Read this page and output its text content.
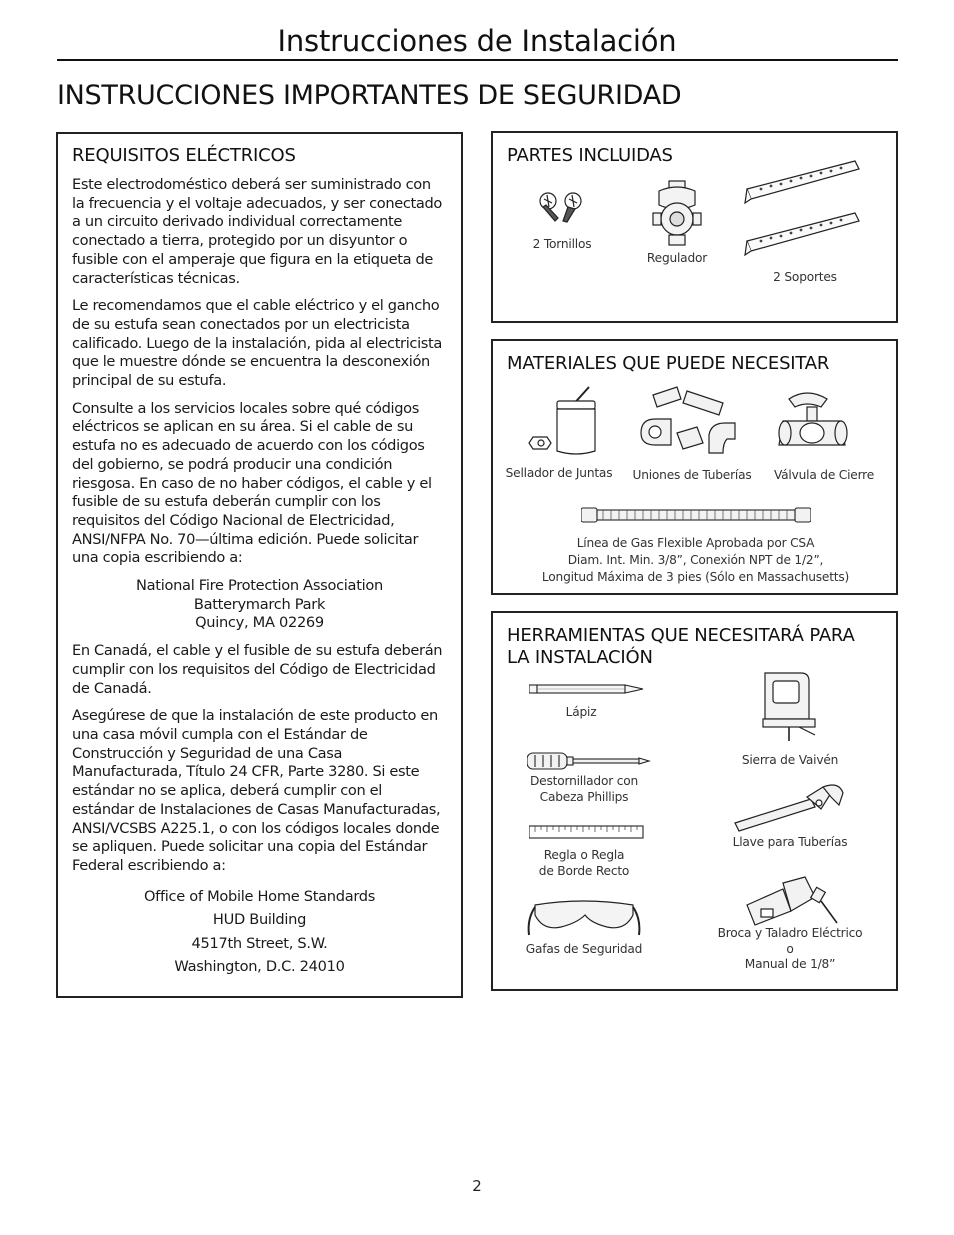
Instrucciones de Instalación
INSTRUCCIONES IMPORTANTES DE SEGURIDAD
REQUISITOS ELÉCTRICOS

Este electrodoméstico deberá ser suministrado con la frecuencia y el voltaje adecuados, y ser conectado a un circuito derivado individual correctamente conectado a tierra, protegido por un disyuntor o fusible con el amperaje que figura en la etiqueta de características técnicas.

Le recomendamos que el cable eléctrico y el gancho de su estufa sean conectados por un electricista calificado. Luego de la instalación, pida al electricista que le muestre dónde se encuentra la desconexión principal de su estufa.

Consulte a los servicios locales sobre qué códigos eléctricos se aplican en su área. Si el cable de su estufa no es adecuado de acuerdo con los códigos del gobierno, se podrá producir una condición riesgosa. En caso de no haber códigos, el cable y el fusible de su estufa deberán cumplir con los requisitos del Código Nacional de Electricidad, ANSI/NFPA No. 70—última edición. Puede solicitar una copia escribiendo a:

National Fire Protection Association
Batterymarch Park
Quincy, MA 02269

En Canadá, el cable y el fusible de su estufa deberán cumplir con los requisitos del Código de Electricidad de Canadá.

Asegúrese de que la instalación de este producto en una casa móvil cumpla con el Estándar de Construcción y Seguridad de una Casa Manufacturada, Título 24 CFR, Parte 3280. Si este estándar no se aplica, deberá cumplir con el estándar de Instalaciones de Casas Manufacturadas, ANSI/VCSBS A225.1, o con los códigos locales donde se apliquen. Puede solicitar una copia del Estándar Federal escribiendo a:

Office of Mobile Home Standards
HUD Building
4517th Street, S.W.
Washington, D.C. 24010
PARTES INCLUIDAS
2 Tornillos
Regulador
2 Soportes
MATERIALES QUE PUEDE NECESITAR
Sellador de Juntas	Uniones de Tuberías	Válvula de Cierre
Línea de Gas Flexible Aprobada por CSA
Diam. Int. Min. 3/8”, Conexión NPT de 1/2”,
Longitud Máxima de 3 pies (Sólo en Massachusetts)
HERRAMIENTAS QUE NECESITARÁ PARA
LA INSTALACIÓN
Lápiz
Destornillador con
Cabeza Phillips
Regla o Regla
de Borde Recto
Gafas de Seguridad
Sierra de Vaivén
Llave para Tuberías
Broca y Taladro Eléctrico o
Manual de 1/8”
2
